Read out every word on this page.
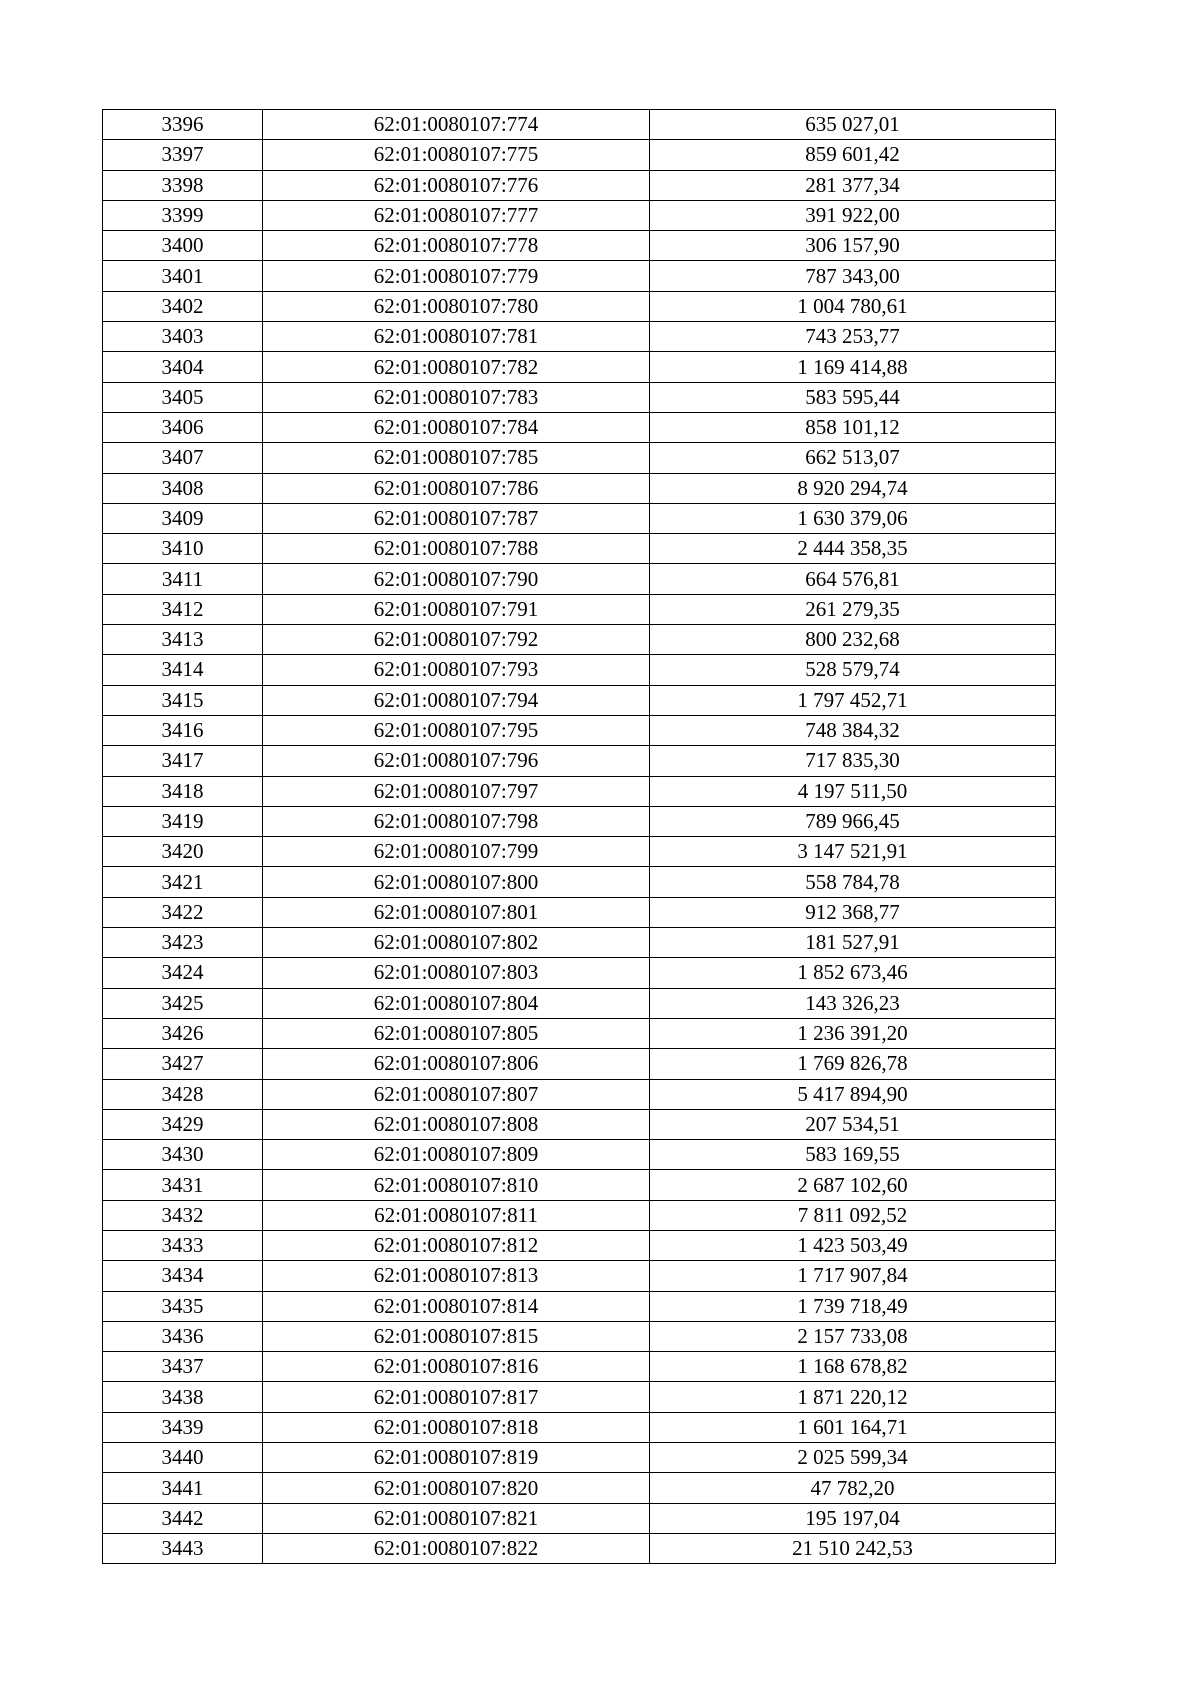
3396	62:01:0080107:774	635 027,01
3397	62:01:0080107:775	859 601,42
3398	62:01:0080107:776	281 377,34
3399	62:01:0080107:777	391 922,00
3400	62:01:0080107:778	306 157,90
3401	62:01:0080107:779	787 343,00
3402	62:01:0080107:780	1 004 780,61
3403	62:01:0080107:781	743 253,77
3404	62:01:0080107:782	1 169 414,88
3405	62:01:0080107:783	583 595,44
3406	62:01:0080107:784	858 101,12
3407	62:01:0080107:785	662 513,07
3408	62:01:0080107:786	8 920 294,74
3409	62:01:0080107:787	1 630 379,06
3410	62:01:0080107:788	2 444 358,35
3411	62:01:0080107:790	664 576,81
3412	62:01:0080107:791	261 279,35
3413	62:01:0080107:792	800 232,68
3414	62:01:0080107:793	528 579,74
3415	62:01:0080107:794	1 797 452,71
3416	62:01:0080107:795	748 384,32
3417	62:01:0080107:796	717 835,30
3418	62:01:0080107:797	4 197 511,50
3419	62:01:0080107:798	789 966,45
3420	62:01:0080107:799	3 147 521,91
3421	62:01:0080107:800	558 784,78
3422	62:01:0080107:801	912 368,77
3423	62:01:0080107:802	181 527,91
3424	62:01:0080107:803	1 852 673,46
3425	62:01:0080107:804	143 326,23
3426	62:01:0080107:805	1 236 391,20
3427	62:01:0080107:806	1 769 826,78
3428	62:01:0080107:807	5 417 894,90
3429	62:01:0080107:808	207 534,51
3430	62:01:0080107:809	583 169,55
3431	62:01:0080107:810	2 687 102,60
3432	62:01:0080107:811	7 811 092,52
3433	62:01:0080107:812	1 423 503,49
3434	62:01:0080107:813	1 717 907,84
3435	62:01:0080107:814	1 739 718,49
3436	62:01:0080107:815	2 157 733,08
3437	62:01:0080107:816	1 168 678,82
3438	62:01:0080107:817	1 871 220,12
3439	62:01:0080107:818	1 601 164,71
3440	62:01:0080107:819	2 025 599,34
3441	62:01:0080107:820	47 782,20
3442	62:01:0080107:821	195 197,04
3443	62:01:0080107:822	21 510 242,53
